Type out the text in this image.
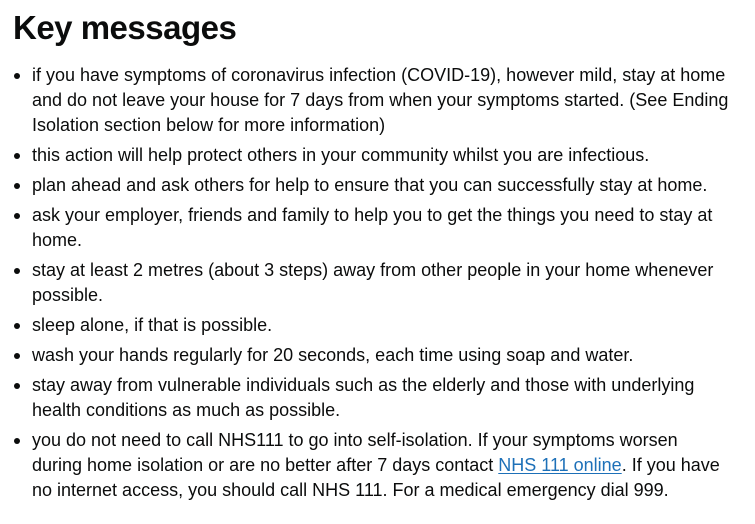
Key messages
if you have symptoms of coronavirus infection (COVID-19), however mild, stay at home and do not leave your house for 7 days from when your symptoms started. (See Ending Isolation section below for more information)
this action will help protect others in your community whilst you are infectious.
plan ahead and ask others for help to ensure that you can successfully stay at home.
ask your employer, friends and family to help you to get the things you need to stay at home.
stay at least 2 metres (about 3 steps) away from other people in your home whenever possible.
sleep alone, if that is possible.
wash your hands regularly for 20 seconds, each time using soap and water.
stay away from vulnerable individuals such as the elderly and those with underlying health conditions as much as possible.
you do not need to call NHS111 to go into self-isolation. If your symptoms worsen during home isolation or are no better after 7 days contact NHS 111 online. If you have no internet access, you should call NHS 111. For a medical emergency dial 999.
